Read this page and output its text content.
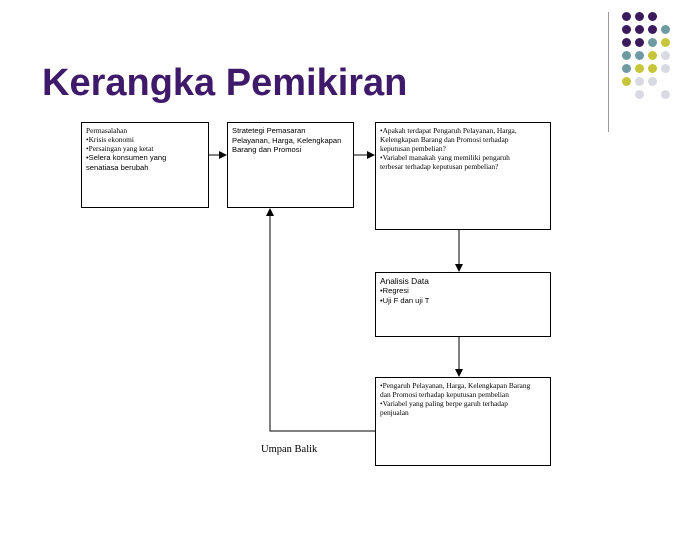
Kerangka Pemikiran
Permasalahan
•Krisis ekonomi
•Persaingan yang ketat
•Selera konsumen yang
senatiasa berubah
Stratetegi Pemasaran
Pelayanan, Harga, Kelengkapan
Barang dan Promosi
•Apakah terdapat Pengaruh Pelayanan, Harga,
Kelengkapan Barang dan Promosi terhadap
keputusan pembelian?
•Variabel manakah yang memiliki pengaruh
terbesar terhadap keputusan pembelian?
Analisis Data
•Regresi
•Uji F dan uji T
•Pengaruh Pelayanan, Harga, Kelengkapan Barang
dan Promosi terhadap keputusan pembelian
•Variabel yang paling berpe garuh terhadap
penjualan
Umpan Balik
